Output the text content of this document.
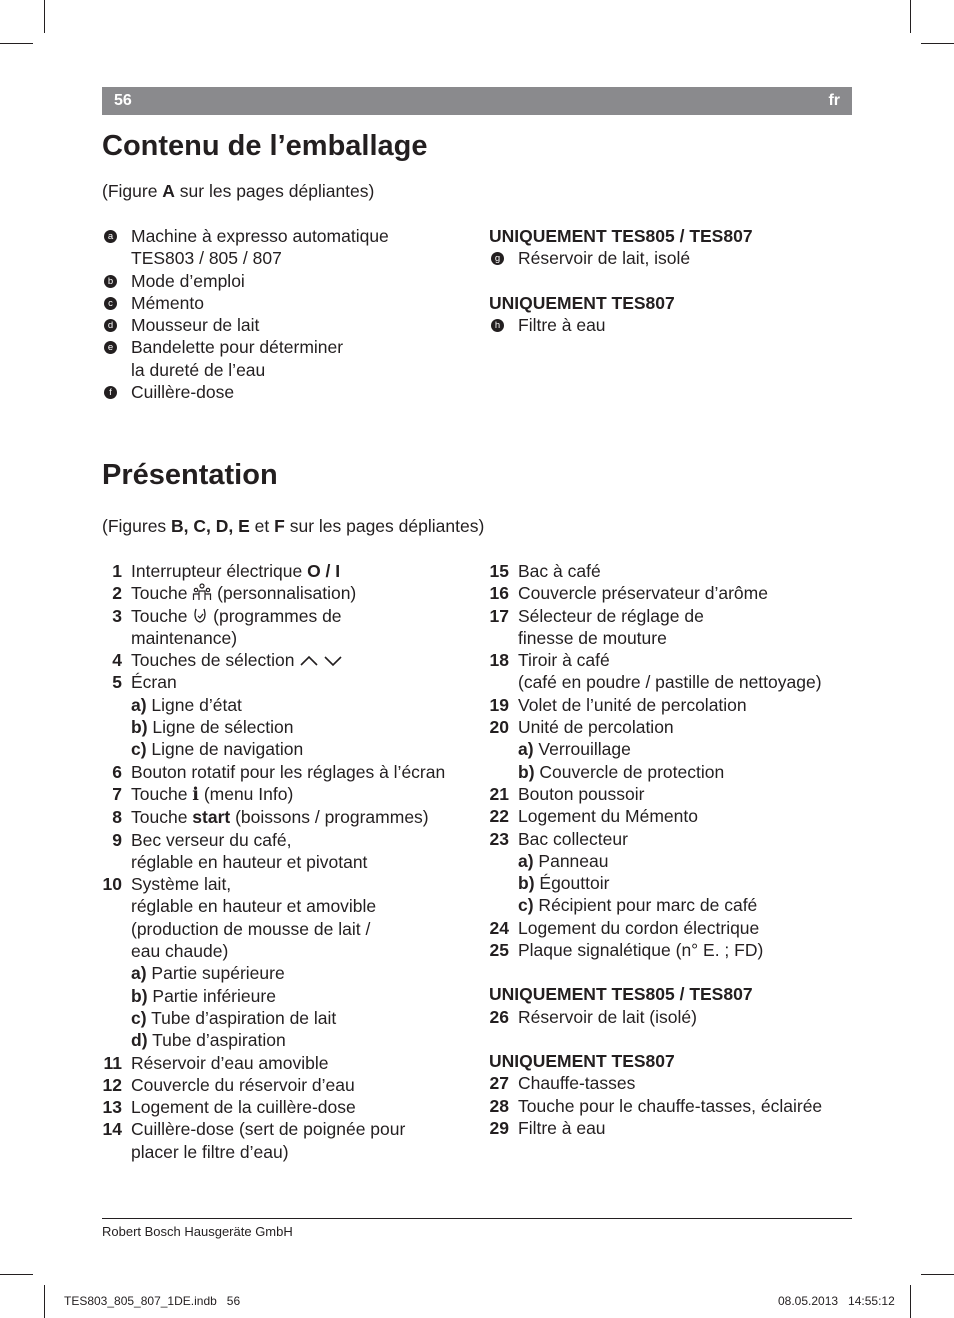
56	fr
Contenu de l’emballage
(Figure A sur les pages dépliantes)
a Machine à expresso automatique
TES803 / 805 / 807
b Mode d’emploi
c Mémento
d Mousseur de lait
e Bandelette pour déterminer
la dureté de l’eau
f Cuillère-dose
UNIQUEMENT TES805 / TES807
g Réservoir de lait, isolé
UNIQUEMENT TES807
h Filtre à eau
Présentation
(Figures B, C, D, E et F sur les pages dépliantes)
1 Interrupteur électrique O / I
2 Touche  (personnalisation)
3 Touche  (programmes de
maintenance)
4 Touches de sélection
5 Écran
a) Ligne d’état
b) Ligne de sélection
c) Ligne de navigation
6 Bouton rotatif pour les réglages à l’écran
7 Touche i (menu Info)
8 Touche start (boissons / programmes)
9 Bec verseur du café,
réglable en hauteur et pivotant
10 Système lait,
réglable en hauteur et amovible
(production de mousse de lait /
eau chaude)
a) Partie supérieure
b) Partie inférieure
c) Tube d’aspiration de lait
d) Tube d’aspiration
11 Réservoir d’eau amovible
12 Couvercle du réservoir d’eau
13 Logement de la cuillère-dose
14 Cuillère-dose (sert de poignée pour
placer le filtre d’eau)
15 Bac à café
16 Couvercle préservateur d’arôme
17 Sélecteur de réglage de
finesse de mouture
18 Tiroir à café
(café en poudre / pastille de nettoyage)
19 Volet de l’unité de percolation
20 Unité de percolation
a) Verrouillage
b) Couvercle de protection
21 Bouton poussoir
22 Logement du Mémento
23 Bac collecteur
a) Panneau
b) Égouttoir
c) Récipient pour marc de café
24 Logement du cordon électrique
25 Plaque signalétique (n° E. ; FD)
UNIQUEMENT TES805 / TES807
26 Réservoir de lait (isolé)
UNIQUEMENT TES807
27 Chauffe-tasses
28 Touche pour le chauffe-tasses, éclairée
29 Filtre à eau
Robert Bosch Hausgeräte GmbH
TES803_805_807_1DE.indb   56	08.05.2013   14:55:12
